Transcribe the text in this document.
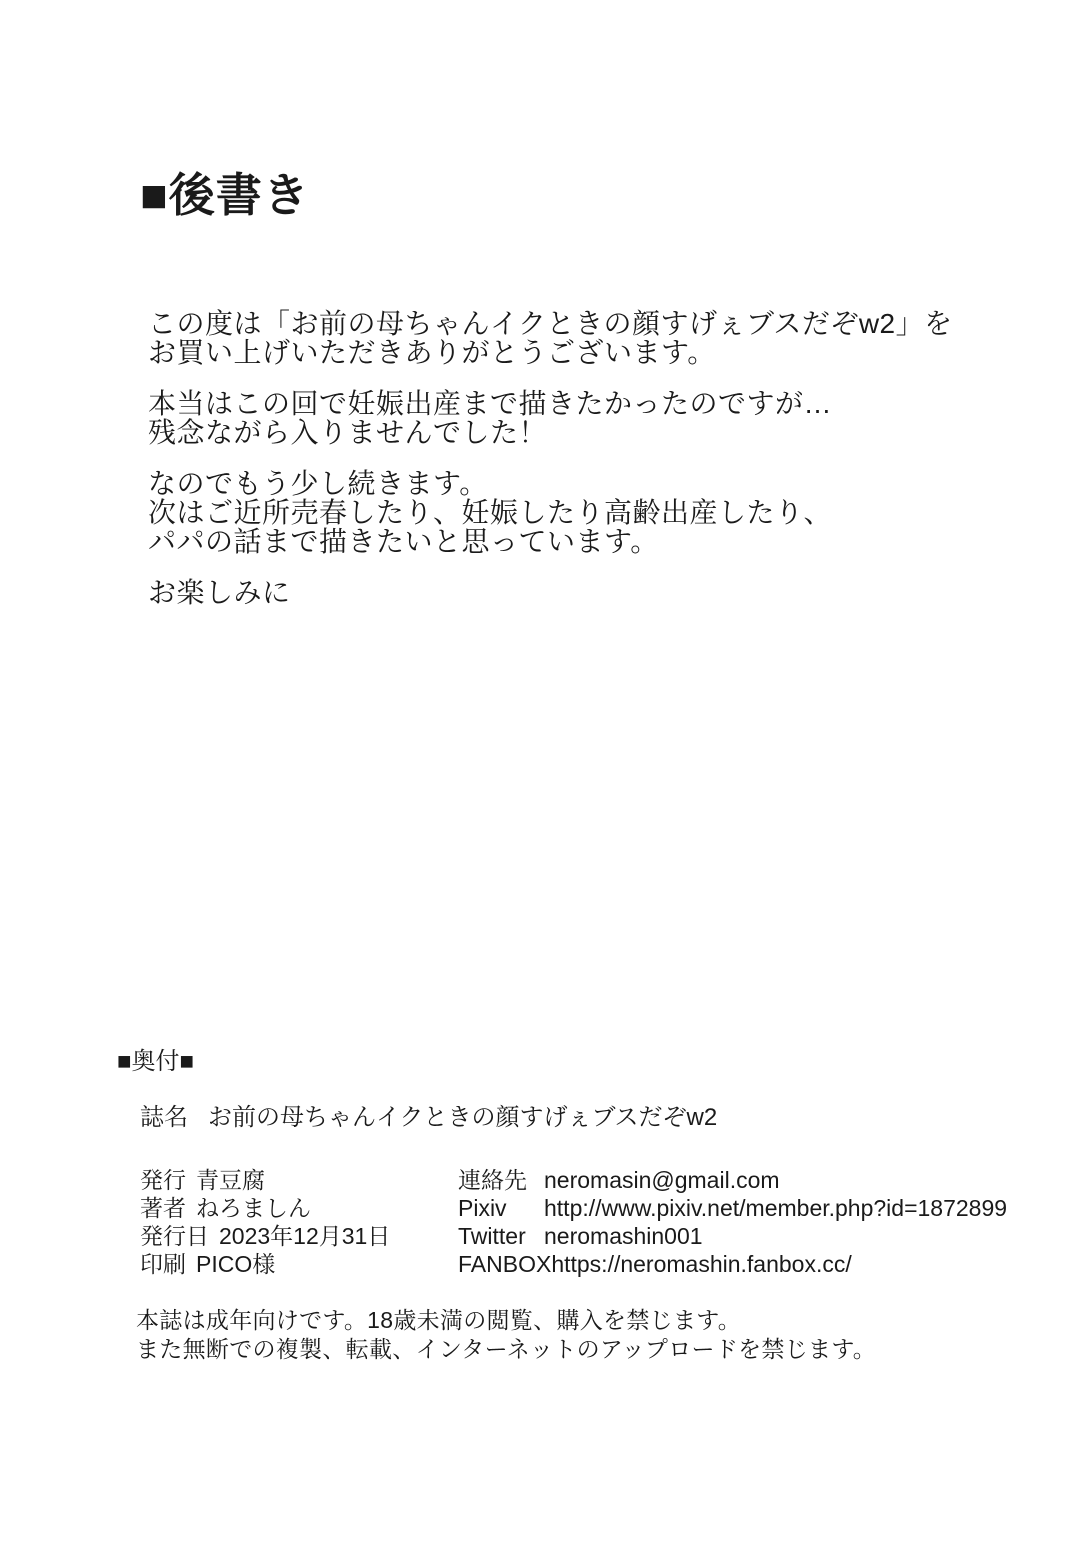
■後書き

この度は「お前の母ちゃんイクときの顔すげぇブスだぞw2」を
お買い上げいただきありがとうございます。

本当はこの回で妊娠出産まで描きたかったのですが…
残念ながら入りませんでした！

なのでもう少し続きます。
次はご近所売春したり、妊娠したり高齢出産したり、
パパの話まで描きたいと思っています。

お楽しみに

■奥付■
誌名 お前の母ちゃんイクときの顔すげぇブスだぞw2
発行 青豆腐
著者 ねろましん
発行日 2023年12月31日
印刷 PICO様
連絡先 neromasin@gmail.com
Pixiv	http://www.pixiv.net/member.php?id=1872899
Twitter neromashin001
FANBOX https://neromashin.fanbox.cc/
本誌は成年向けです。18歳未満の閲覧、購入を禁じます。
また無断での複製、転載、インターネットのアップロードを禁じます。
